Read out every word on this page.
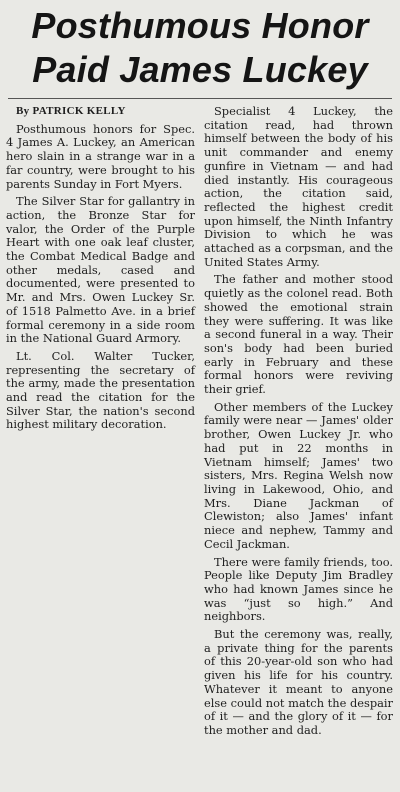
Posthumous Honor
Paid James Luckey

By PATRICK KELLY

Posthumous honors for Spec. 4 James A. Luckey, an American hero slain in a strange war in a far country, were brought to his parents Sunday in Fort Myers.

The Silver Star for gallantry in action, the Bronze Star for valor, the Order of the Purple Heart with one oak leaf cluster, the Combat Medical Badge and other medals, cased and documented, were presented to Mr. and Mrs. Owen Luckey Sr. of 1518 Palmetto Ave. in a brief formal ceremony in a side room in the National Guard Armory.

Lt. Col. Walter Tucker, representing the secretary of the army, made the presentation and read the citation for the Silver Star, the nation's second highest military decoration.

Specialist 4 Luckey, the citation read, had thrown himself between the body of his unit commander and enemy gunfire in Vietnam — and had died instantly. His courageous action, the citation said, reflected the highest credit upon himself, the Ninth Infantry Division to which he was attached as a corpsman, and the United States Army.

The father and mother stood quietly as the colonel read. Both showed the emotional strain they were suffering. It was like a second funeral in a way. Their son's body had been buried early in February and these formal honors were reviving their grief.

Other members of the Luckey family were near — James' older brother, Owen Luckey Jr. who had put in 22 months in Vietnam himself; James' two sisters, Mrs. Regina Welsh now living in Lakewood, Ohio, and Mrs. Diane Jackman of Clewiston; also James' infant niece and nephew, Tammy and Cecil Jackman.

There were family friends, too. People like Deputy Jim Bradley who had known James since he was “just so high.” And neighbors.

But the ceremony was, really, a private thing for the parents of this 20-year-old son who had given his life for his country. Whatever it meant to anyone else could not match the despair of it — and the glory of it — for the mother and dad.
